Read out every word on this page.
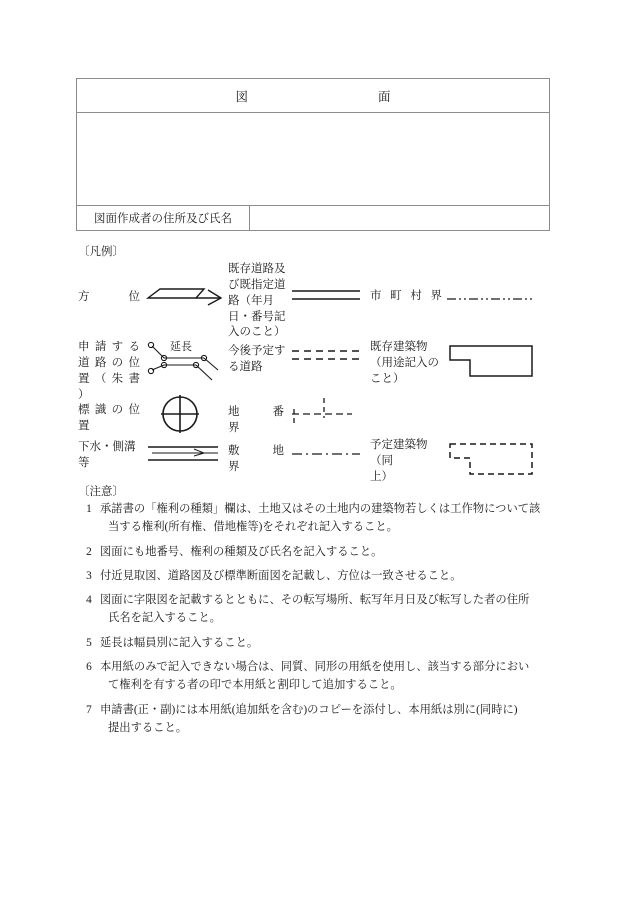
図	面

図面作成者の住所及び氏名	
〔凡例〕
方　　位
既存道路及び既指定道路（年月日・番号記入のこと）
市 町 村 界
申 請 す る 道 路 の 位 置 （ 朱 書 ）
延長	今後予定する道路
既存建築物（用途記入のこと）
標 識 の 位 置
地　番　界
下水・側溝等
敷　地　界
予定建築物（同　　　上）
〔注意〕
1 承諾書の「権利の種類」欄は、土地又はその土地内の建築物若しくは工作物について該
当する権利(所有権、借地権等)をそれぞれ記入すること。
2 図面にも地番号、権利の種類及び氏名を記入すること。
3 付近見取図、道路図及び標準断面図を記載し、方位は一致させること。
4 図面に字限図を記載するとともに、その転写場所、転写年月日及び転写した者の住所
氏名を記入すること。
5 延長は幅員別に記入すること。
6 本用紙のみで記入できない場合は、同質、同形の用紙を使用し、該当する部分におい
て権利を有する者の印で本用紙と割印して追加すること。
7 申請書(正・副)には本用紙(追加紙を含む)のコピーを添付し、本用紙は別に(同時に)
提出すること。
